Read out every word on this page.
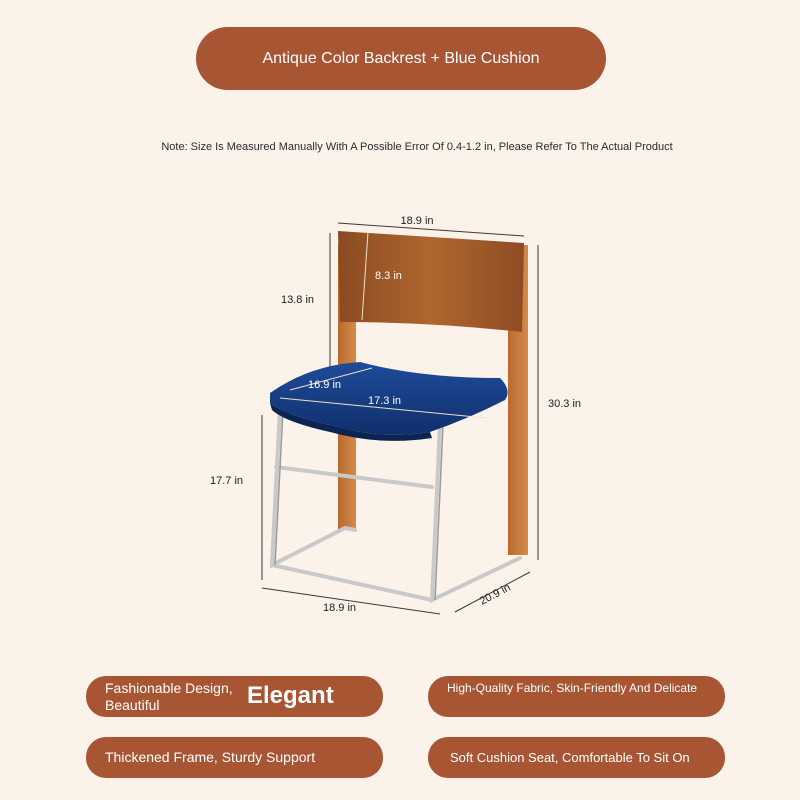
Antique Color Backrest + Blue Cushion
Note: Size Is Measured Manually With A Possible Error Of 0.4-1.2 in, Please Refer To The Actual Product
18.9 in
8.3 in
13.8 in
30.3 in
16.9 in
17.3 in
17.7 in
18.9 in
20.9 in
Fashionable Design,
Beautiful	Elegant	High-Quality Fabric, Skin-Friendly And Delicate
Thickened Frame, Sturdy Support	Soft Cushion Seat, Comfortable To Sit On
